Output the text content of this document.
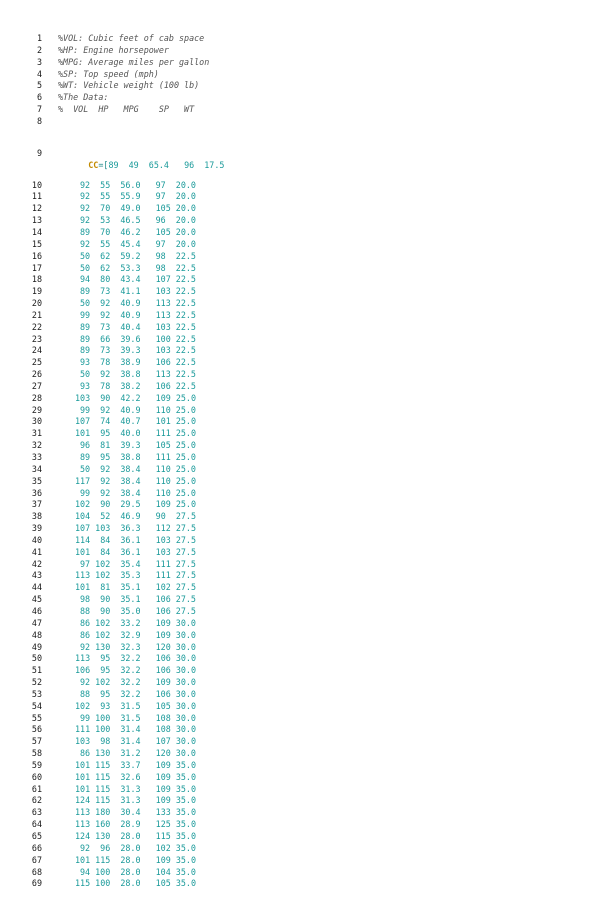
1	%VOL: Cubic feet of cab space
2	%HP: Engine horsepower
3	%MPG: Average miles per gallon
4	%SP: Top speed (mph)
5	%WT: Vehicle weight (100 lb)
6	%The Data:
7	%  VOL  HP   MPG    SP   WT
8

9

CC=[89  49  65.4   96  17.5

10	92  55  56.0   97  20.0
11	92  55  55.9   97  20.0
12	92  70  49.0   105 20.0
13	92  53  46.5   96  20.0
14	89  70  46.2   105 20.0
15	92  55  45.4   97  20.0
16	50  62  59.2   98  22.5
17	50  62  53.3   98  22.5
18	94  80  43.4   107 22.5
19	89  73  41.1   103 22.5
20	50  92  40.9   113 22.5
21	99  92  40.9   113 22.5
22	89  73  40.4   103 22.5
23	89  66  39.6   100 22.5
24	89  73  39.3   103 22.5
25	93  78  38.9   106 22.5
26	50  92  38.8   113 22.5
27	93  78  38.2   106 22.5
28	103  90  42.2   109 25.0
29	99  92  40.9   110 25.0
30	107  74  40.7   101 25.0
31	101  95  40.0   111 25.0
32	96  81  39.3   105 25.0
33	89  95  38.8   111 25.0
34	50  92  38.4   110 25.0
35	117  92  38.4   110 25.0
36	99  92  38.4   110 25.0
37	102  90  29.5   109 25.0
38	104  52  46.9   90  27.5
39	107 103  36.3   112 27.5
40	114  84  36.1   103 27.5
41	101  84  36.1   103 27.5
42	97 102  35.4   111 27.5
43	113 102  35.3   111 27.5
44	101  81  35.1   102 27.5
45	98  90  35.1   106 27.5
46	88  90  35.0   106 27.5
47	86 102  33.2   109 30.0
48	86 102  32.9   109 30.0
49	92 130  32.3   120 30.0
50	113  95  32.2   106 30.0
51	106  95  32.2   106 30.0
52	92 102  32.2   109 30.0
53	88  95  32.2   106 30.0
54	102  93  31.5   105 30.0
55	99 100  31.5   108 30.0
56	111 100  31.4   108 30.0
57	103  98  31.4   107 30.0
58	86 130  31.2   120 30.0
59	101 115  33.7   109 35.0
60	101 115  32.6   109 35.0
61	101 115  31.3   109 35.0
62	124 115  31.3   109 35.0
63	113 180  30.4   133 35.0
64	113 160  28.9   125 35.0
65	124 130  28.0   115 35.0
66	92  96  28.0   102 35.0
67	101 115  28.0   109 35.0
68	94 100  28.0   104 35.0
69	115 100  28.0   105 35.0
